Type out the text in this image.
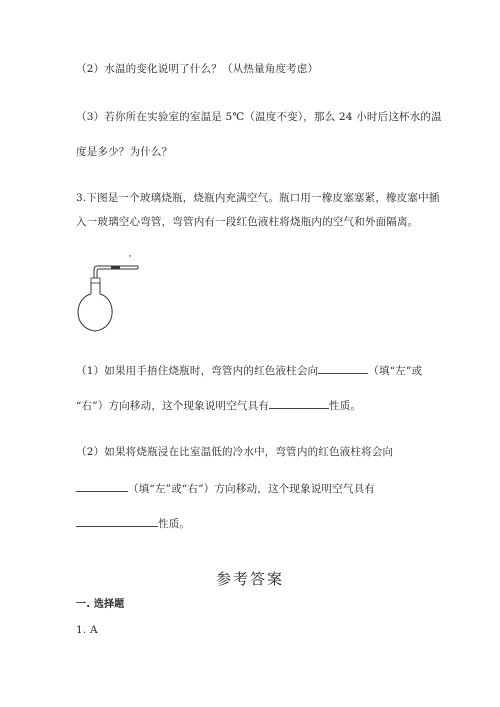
（2）水温的变化说明了什么？（从热量角度考虑）
（3）若你所在实验室的室温是 5℃（温度不变），那么 24 小时后这杯水的温
度是多少？为什么？
3.下图是一个玻璃烧瓶，烧瓶内充满空气。瓶口用一橡皮塞塞紧，橡皮塞中插
入一玻璃空心弯管，弯管内有一段红色液柱将烧瓶内的空气和外面隔离。
（1）如果用手捂住烧瓶时，弯管内的红色液柱会向	（填“左”或
“右”）方向移动，这个现象说明空气具有	性质。
（2）如果将烧瓶浸在比室温低的冷水中，弯管内的红色液柱将会向
（填“左”或“右”）方向移动，这个现象说明空气具有
性质。
参考答案
一. 选择题
1. A
